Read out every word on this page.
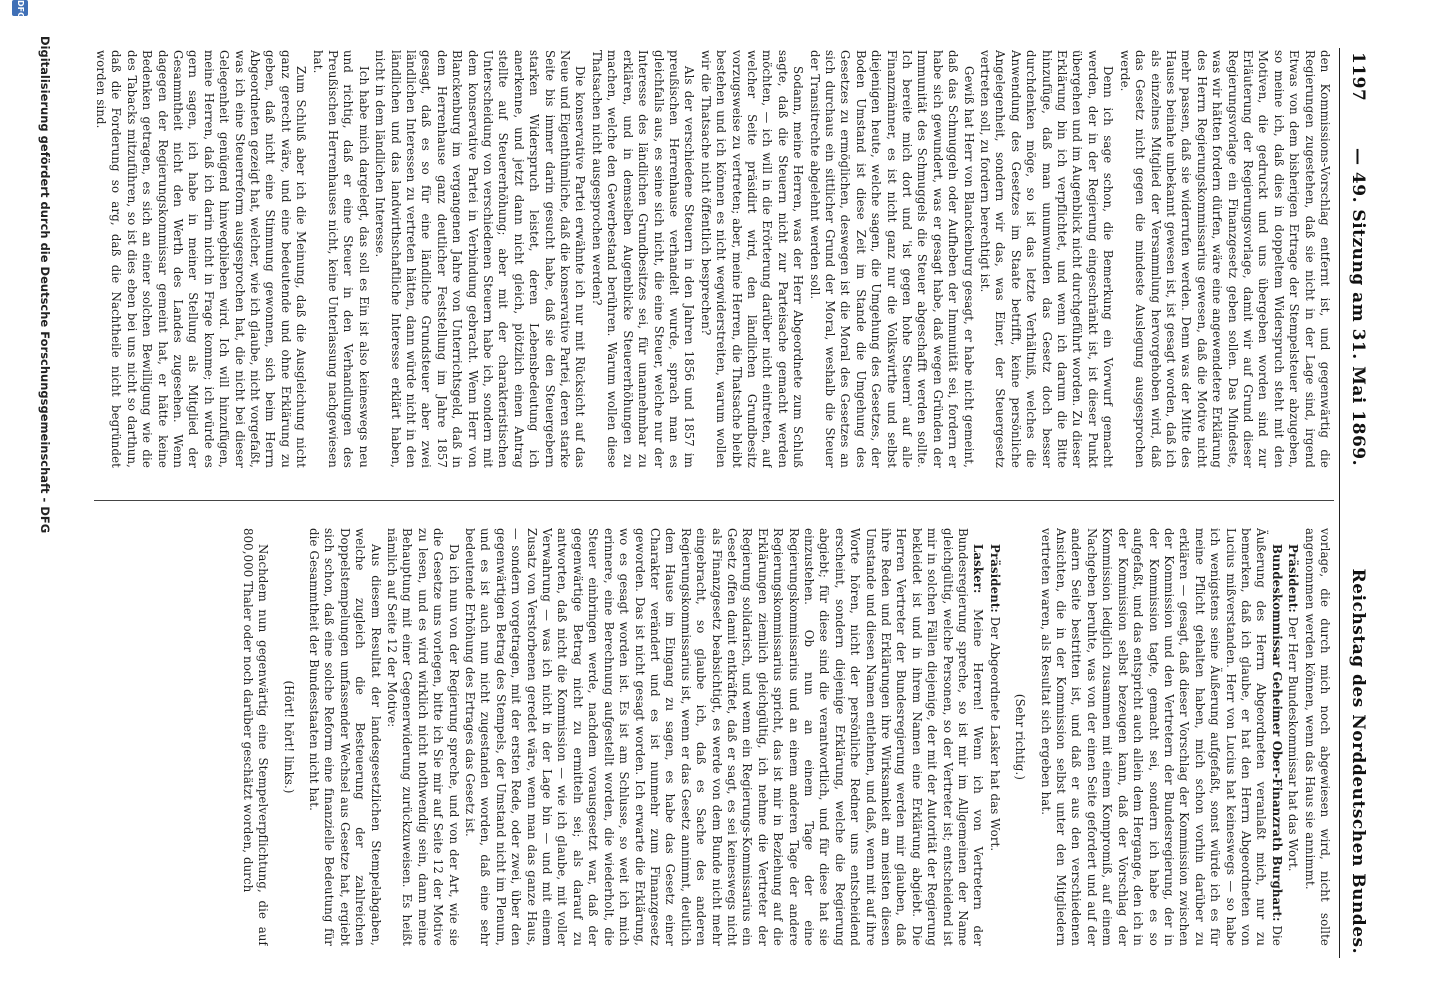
1197
— 49. Sitzung am 31. Mai 1869.
Reichstag des Norddeutschen Bundes.

den Kommissions-Vorschlag entfernt ist, und gegenwärtig die Regierungen zugestehen, daß sie nicht in der Lage sind, irgend Etwas von dem bisherigen Ertrage der Stempelsteuer abzugeben, so meine ich, daß dies in doppeltem Widerspruch steht mit den Motiven, die gedruckt und uns übergeben worden sind zur Erläuterung der Regierungsvorlage, damit wir auf Grund dieser Regierungsvorlage ein Finanzgesetz geben sollen. Das Mindeste, was wir hätten fordern dürfen, wäre eine angewendetere Erklärung des Herrn Regierungskommissarius gewesen, daß die Motive nicht mehr passen, daß sie widerrufen werden. Denn was der Mitte des Hauses beinahe unbekannt gewesen ist, ist gesagt worden, daß ich als einzelnes Mitglied der Versammlung hervorgehoben wird, daß das Gesetz nicht gegen die mindeste Auslegung ausgesprochen werde.

Denn ich sage schon, die Bemerkung ein Vorwurf gemacht werden, der in der Regierung eingeschränkt ist, ist dieser Punkt übergehen und im Augenblick nicht durchgeführt worden. Zu dieser Erklärung bin ich verpflichtet, und wenn ich darum die Bitte hinzufüge, daß man unumwunden das Gesetz doch besser durchdenken möge, so ist das letzte Verhältniß, welches die Anwendung des Gesetzes im Staate betrifft, keine persönliche Angelegenheit, sondern wir das, was Einer, der Steuergesetz vertreten soll, zu fordern berechtigt ist.

Gewiß hat Herr von Blanckenburg gesagt, er habe nicht gemeint, daß das Schmuggeln oder Aufheben der Immunität sei, fordern er habe sich gewundert, was er gesagt habe, daß wegen Gründen der Immunität des Schmuggels die Steuer abgeschafft werden sollte. Ich bereite mich dort und 'ist gegen hohe Steuern' auf alle Finanzmänner, es ist nicht ganz nur die Volkswirthe und selbst diejenigen heute, welche sagen, die Umgehung des Gesetzes, der Boden Umstand ist diese Zeit im Stande die Umgehung des Gesetzes zu ermöglichen, deswegen ist die Moral des Gesetzes an sich durchaus ein sittlicher Grund der Moral, weshalb die Steuer der Transitrechte abgelehnt werden soll.

Sodann, meine Herren, was der Herr Abgeordnete zum Schluß sagte, daß die Steuern nicht zur Parteisache gemacht werden möchten, — ich will in die Erörterung darüber nicht eintreten, auf welcher Seite präsidirt wird, den ländlichen Grundbesitz vorzugsweise zu vertreten; aber, meine Herren, die Thatsache bleibt bestehen und ich können es nicht wegwiderstreiten, warum wollen wir die Thatsache nicht öffentlich besprechen?

Als der verschiedene Steuern in den Jahren 1856 und 1857 im preußischen Herrenhause verhandelt wurde, sprach man es gleichfalls aus, es seine sich nicht, die eine Steuer, welche nur der Interesse des ländlichen Grundbesitzes sei, für unannehmbar zu erklären, und in demselben Augenblicke Steuererhöhungen zu machen, welche den Gewerbestand berühren. Warum wollen diese Thatsachen nicht ausgesprochen werden?

Die konservative Partei erwähnte ich nur mit Rücksicht auf das Neue und Eigenthümliche, daß die konservative Partei, deren starke Seite bis immer darin gesucht habe, daß sie den Steuergebern starken Widerspruch leistet, deren Lebensbedeutung ich anerkenne, und jetzt dann nicht gleich, plötzlich einen Antrag stellte auf Steuererhöhung; aber mit der charakteristischen Unterscheidung von verschiedenen Steuern habe ich, sondern mit dem konservative Partei in Verbindung gebracht. Wenn Herr von Blanckenburg im vergangenen Jahre von Unterrichtsgeld, daß in dem Herrenhause ganz deutlicher Feststellung im Jahre 1857 gesagt, daß es so für eine ländliche Grundsteuer aber zwei ländlichen Interessen zu vertreten hätten, dann würde nicht in den ländlichen und das landwirthschaftliche Interesse erklärt haben, nicht in dem ländlichen Interesse.

Ich habe mich dargelegt, das soll es Ein ist also keineswegs neu und richtig, daß er eine Steuer in den Verhandlungen des Preußischen Herrenhauses nicht, keine Unterlassung nachgewiesen hat.

Zum Schluß aber ich die Meinung, daß die Ausgleichung nicht ganz gerecht wäre, und eine bedeutende und ohne Erklärung zu geben, daß nicht eine Stimmung gewonnen, sich beim Herrn Abgeordneten gezeigt hat, welcher, wie ich glaube, nicht vorgefaßt, was ich eine Steuerreform ausgesprochen hat, die nicht bei dieser Gelegenheit genügend hinwegblieben wird. Ich will hinzufügen, meine Herren, daß ich darin nicht in Frage komme; ich würde es gern sagen, ich habe in meiner Stellung als Mitglied der Gesammtheit nicht den Werth des Landes zugesehen. Wenn dagegen der Regierungskommissar gemeint hat, er hätte keine Bedenken getragen, es sich an einer solchen Bewilligung wie die des Tabacks mitzuführen, so ist dies eben bei uns nicht so darthun, daß die Forderung so arg, daß die Nachtheile nicht begründet worden sind.

vorlage, die durch mich noch abgewiesen wird, nicht sollte angenommen werden können, wenn das Haus sie annimmt.

Präsident: Der Herr Bundeskommissar hat das Wort.

Bundeskommissar Geheimer Ober-Finanzrath Burghart: Die Äußerung des Herrn Abgeordneten veranlaßt mich, nur zu bemerken, daß ich glaube, er hat den Herrn Abgeordneten von Lucius mißverstanden. Herr von Lucius hat keineswegs — so habe ich wenigstens seine Äußerung aufgefaßt, sonst würde ich es für meine Pflicht gehalten haben, mich schon vorhin darüber zu erklären — gesagt, daß dieser Vorschlag der Kommission zwischen der Kommission und den Vertretern der Bundesregierung, der in der Kommission tagte, gemacht sei, sondern ich habe es so aufgefaßt, und das entspricht auch allein dem Hergange, den ich in der Kommission selbst bezeugen kann, daß der Vorschlag der Kommission lediglich zusammen mit einem Kompromiß, auf einem Nachgeben beruhte, was von der einen Seite gefordert und auf der andern Seite bestritten ist, und daß er aus den verschiedenen Ansichten, die in der Kommission selbst unter den Mitgliedern vertreten waren, als Resultat sich ergeben hat.

(Sehr richtig.)

Präsident: Der Abgeordnete Lasker hat das Wort.

Lasker: Meine Herren! Wenn ich von Vertretern der Bundesregierung spreche, so ist mir im Allgemeinen der Name gleichgültig, welche Personen, so der Vertreter ist; entscheidend ist mir in solchen Fällen diejenige, der mit der Autorität der Regierung bekleidet ist und in ihrem Namen eine Erklärung abgiebt. Die Herren Vertreter der Bundesregierung werden mir glauben, daß ihre Reden und Erklärungen ihre Wirksamkeit am meisten diesen Umstande und diesen Namen entlehnen, und daß, wenn mit auf ihre Worte hören, nicht der persönliche Redner uns entscheidend erscheint, sondern diejenige Erklärung, welche die Regierung abgiebt; für diese sind die verantwortlich, und für diese hat sie einzustehen. Ob nun an einem Tage der eine Regierungskommissarius und an einem anderen Tage der andere Regierungskommissarius spricht, das ist mir in Beziehung auf die Erklärungen ziemlich gleichgültig, ich nehme die Vertreter der Regierung solidarisch, und wenn ein Regierungs-Kommissarius ein Gesetz offen damit entkräftet, daß er sagt, es sei keineswegs nicht als Finanzgesetz beabsichtigt, es werde von dem Bunde nicht mehr eingebracht, so glaube ich, daß es Sache des anderen Regierungskommissarius ist, wenn er das Gesetz annimmt, deutlich dem Hause im Eingang zu sagen, es habe das Gesetz einer Charakter verändert und es ist nunmehr zum Finanzgesetz geworden. Das ist nicht gesagt worden. Ich erwarte die Erklärung, wo es gesagt worden ist. Es ist am Schlusse, so weit ich mich erinnere, eine Berechnung aufgestellt worden, die wiederholt, die Steuer einbringen werde, nachdem vorausgesetzt war, daß der gegenwärtige Betrag nicht zu ermitteln sei; als darauf zu antworten, daß nicht die Kommission — wie ich glaube, mit voller Verwahrung — was ich nicht in der Lage bin — und mit einem Zusatz von Verstorbenen geredet wäre, wenn man das ganze Haus, — sondern vorgetragen, mit der ersten Rede, oder zwei, über den gegenwärtigen Betrag des Stempels, der Umstand nicht im Plenum, und es ist auch nun nicht zugestanden worden, daß eine sehr bedeutende Erhöhung des Ertrages das Gesetz ist.

Da ich nun von der Regierung spreche, und von der Art, wie sie die Gesetze uns vorlegen, bitte ich Sie mir auf Seite 12 der Motive zu lesen, und es wird wirklich nicht nothwendig sein, dann meine Behauptung mit einer Gegenerwiderung zurückzuweisen. Es heißt nämlich auf Seite 12 der Motive:

Aus diesem Resultat der landesgesetzlichen Stempelabgaben, welche zugleich die Besteuerung der zahlreichen Doppelstempelungen umfassender Wechsel aus Gesetze hat, ergiebt sich schon, daß eine solche Reform eine finanzielle Bedeutung für die Gesammtheit der Bundesstaaten nicht hat.

(Hört! hört! links.)

Nachdem nun gegenwärtig eine Stempelverpflichtung, die auf 800,000 Thaler oder noch darüber geschätzt worden, durch

Digitalisierung gefördert durch die Deutsche Forschungsgemeinschaft - DFG
DFG
